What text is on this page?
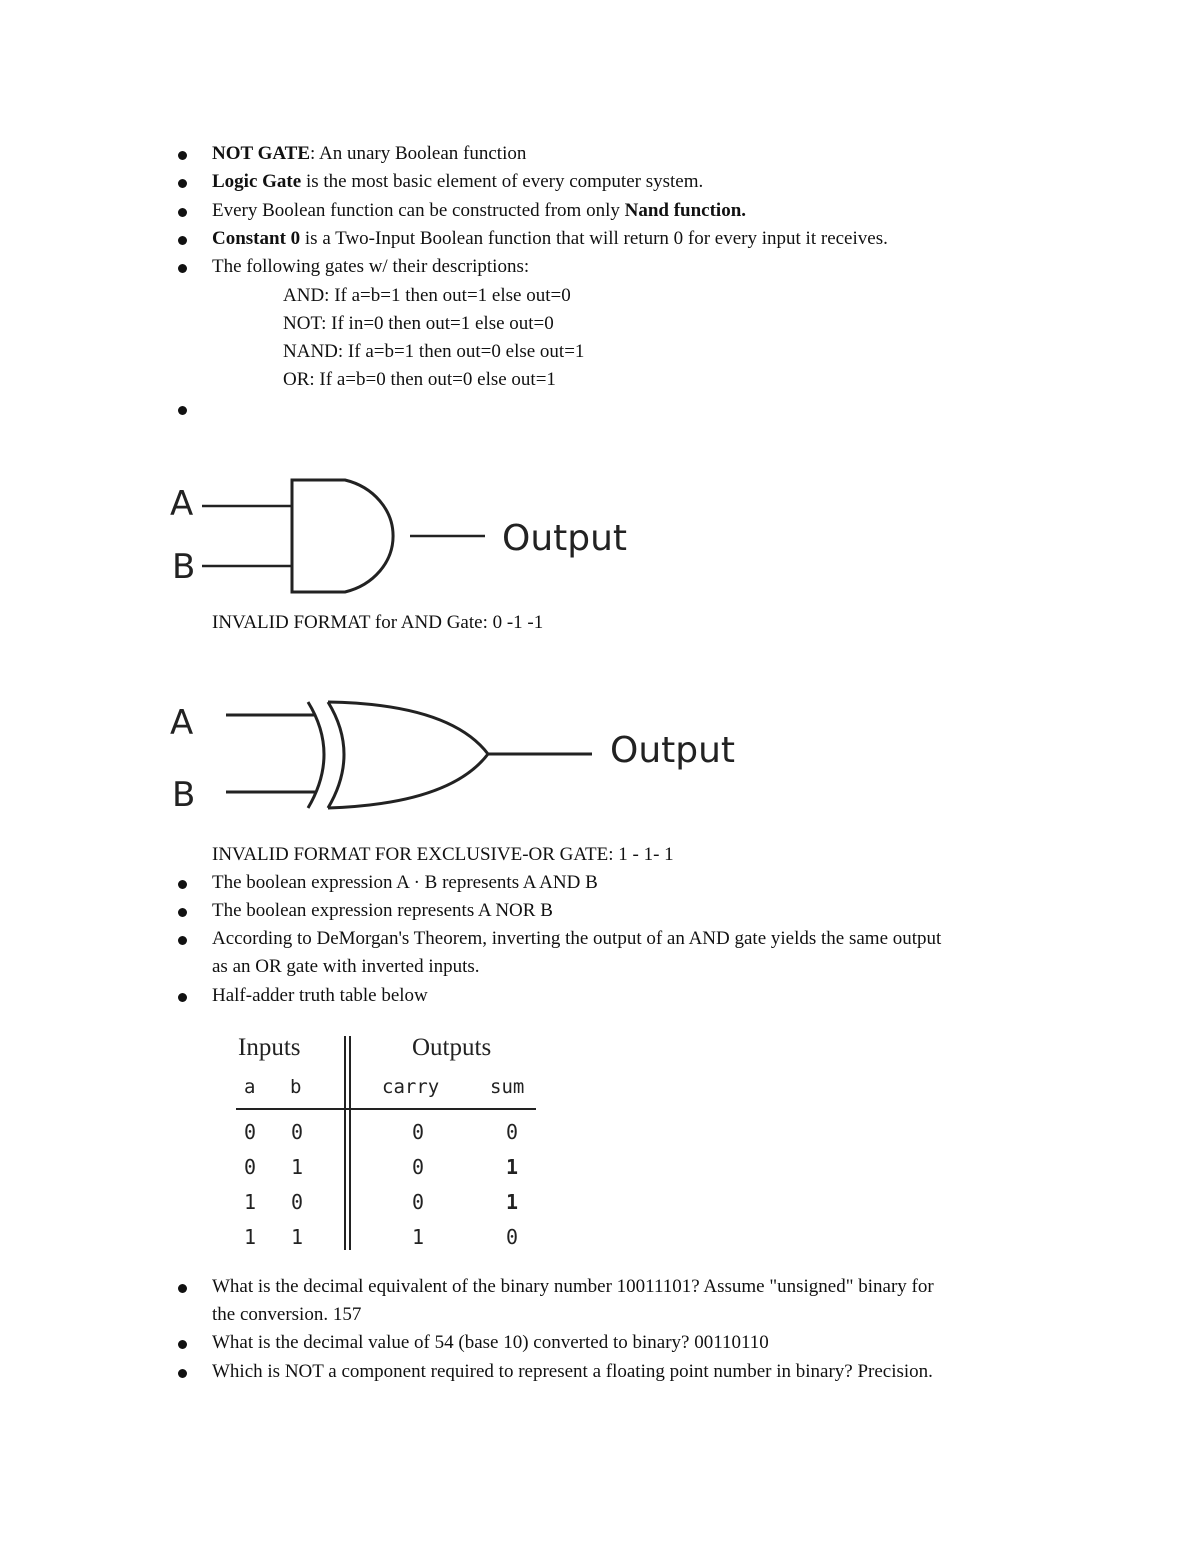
NOT GATE: An unary Boolean function
Logic Gate is the most basic element of every computer system.
Every Boolean function can be constructed from only Nand function.
Constant 0 is a Two-Input Boolean function that will return 0 for every input it receives.
The following gates w/ their descriptions:
AND: If a=b=1 then out=1 else out=0
NOT: If in=0 then out=1 else out=0
NAND: If a=b=1 then out=0 else out=1
OR: If a=b=0 then out=0 else out=1
A
B
Output
INVALID FORMAT for AND Gate: 0 -1 -1
A
B
Output
INVALID FORMAT FOR EXCLUSIVE-OR GATE: 1 - 1- 1
The boolean expression A · B represents A AND B
The boolean expression represents A NOR B
According to DeMorgan's Theorem, inverting the output of an AND gate yields the same output
as an OR gate with inverted inputs.
Half-adder truth table below
Inputs	Outputs
a b	carry	sum
0	0	0	0
0	1	0	1
1	0	0	1
1	1	1	0
What is the decimal equivalent of the binary number 10011101? Assume "unsigned" binary for
the conversion. 157
What is the decimal value of 54 (base 10) converted to binary? 00110110
Which is NOT a component required to represent a floating point number in binary? Precision.
